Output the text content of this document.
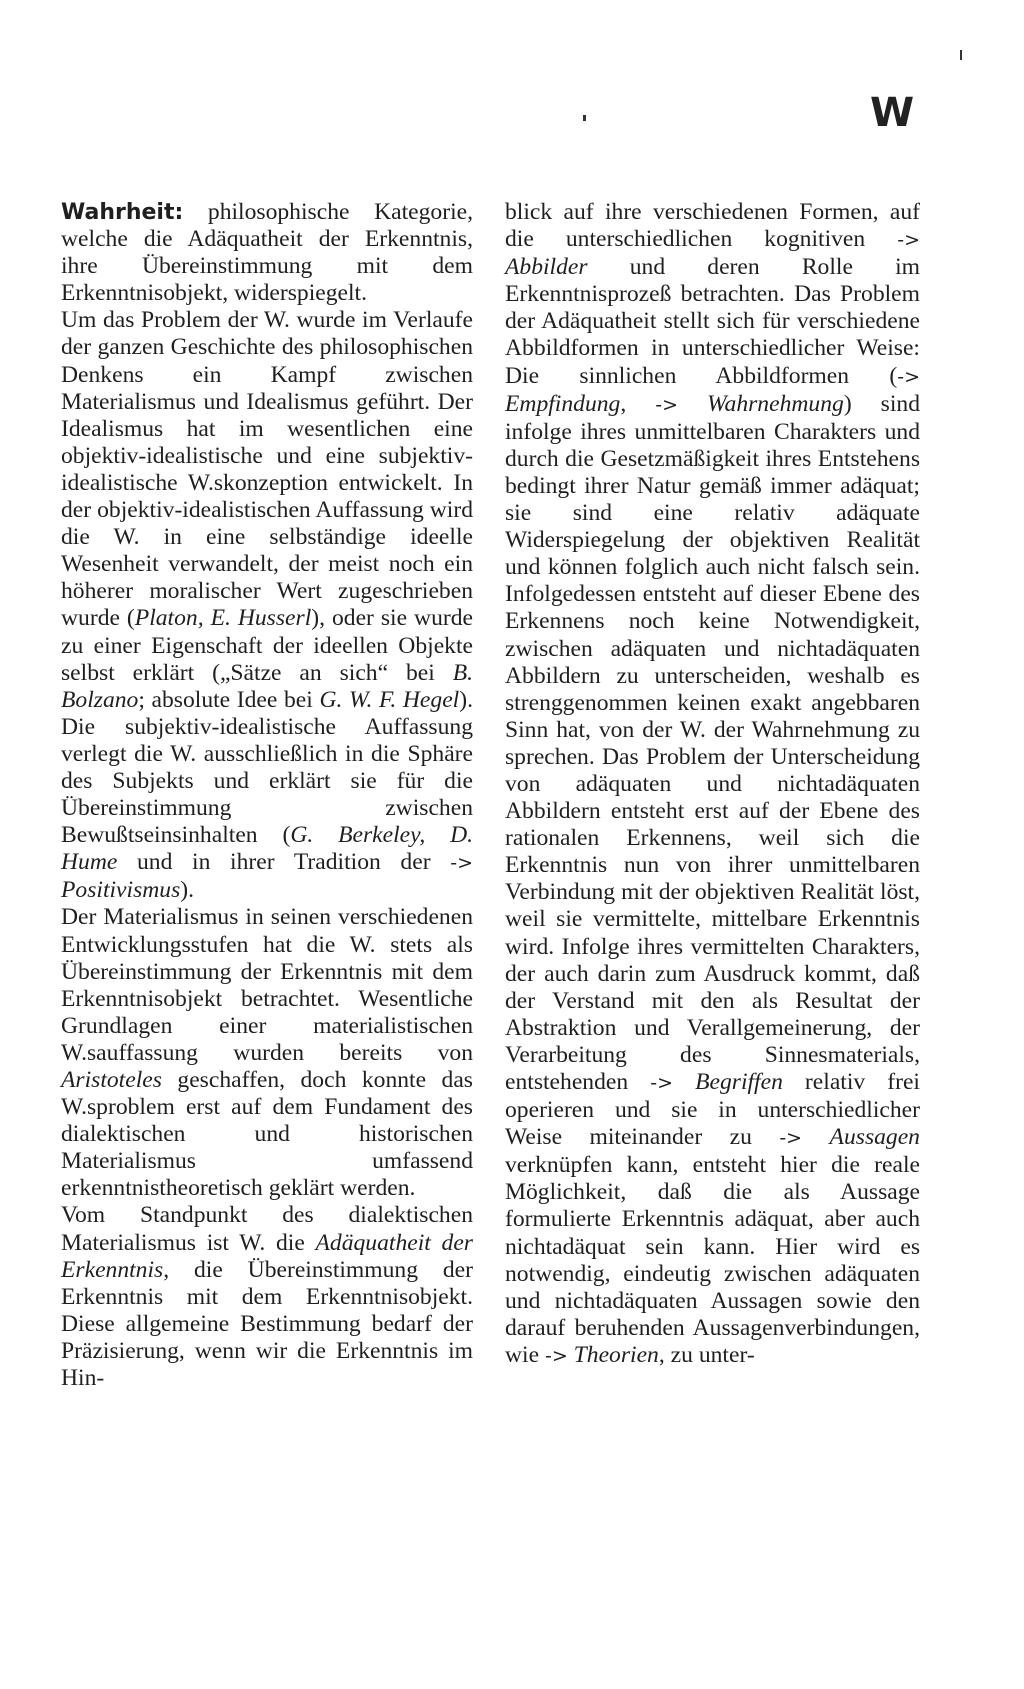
W

Wahrheit: philosophische Kategorie, welche die Adäquatheit der Erkenntnis, ihre Übereinstimmung mit dem Erkenntnisobjekt, widerspiegelt.

Um das Problem der W. wurde im Verlaufe der ganzen Geschichte des philosophischen Denkens ein Kampf zwischen Materialismus und Idealismus geführt. Der Idealismus hat im wesentlichen eine objektiv-idealistische und eine subjektiv-idealistische W.skonzeption entwickelt. In der objektiv-idealistischen Auffassung wird die W. in eine selbständige ideelle Wesenheit verwandelt, der meist noch ein höherer moralischer Wert zugeschrieben wurde (Platon, E. Husserl), oder sie wurde zu einer Eigenschaft der ideellen Objekte selbst erklärt („Sätze an sich“ bei B. Bolzano; absolute Idee bei G. W. F. Hegel). Die subjektiv-idealistische Auffassung verlegt die W. ausschließlich in die Sphäre des Subjekts und erklärt sie für die Übereinstimmung zwischen Bewußtseinsinhalten (G. Berkeley, D. Hume und in ihrer Tradition der -> Positivismus).

Der Materialismus in seinen verschiedenen Entwicklungsstufen hat die W. stets als Übereinstimmung der Erkenntnis mit dem Erkenntnisobjekt betrachtet. Wesentliche Grundlagen einer materialistischen W.sauffassung wurden bereits von Aristoteles geschaffen, doch konnte das W.sproblem erst auf dem Fundament des dialektischen und historischen Materialismus umfassend erkenntnistheoretisch geklärt werden.

Vom Standpunkt des dialektischen Materialismus ist W. die Adäquatheit der Erkenntnis, die Übereinstimmung der Erkenntnis mit dem Erkenntnisobjekt. Diese allgemeine Bestimmung bedarf der Präzisierung, wenn wir die Erkenntnis im Hin-

blick auf ihre verschiedenen Formen, auf die unterschiedlichen kognitiven -> Abbilder und deren Rolle im Erkenntnisprozeß betrachten. Das Problem der Adäquatheit stellt sich für verschiedene Abbildformen in unterschiedlicher Weise: Die sinnlichen Abbildformen (-> Empfindung, -> Wahrnehmung) sind infolge ihres unmittelbaren Charakters und durch die Gesetzmäßigkeit ihres Entstehens bedingt ihrer Natur gemäß immer adäquat; sie sind eine relativ adäquate Widerspiegelung der objektiven Realität und können folglich auch nicht falsch sein. Infolgedessen entsteht auf dieser Ebene des Erkennens noch keine Notwendigkeit, zwischen adäquaten und nichtadäquaten Abbildern zu unterscheiden, weshalb es strenggenommen keinen exakt angebbaren Sinn hat, von der W. der Wahrnehmung zu sprechen. Das Problem der Unterscheidung von adäquaten und nichtadäquaten Abbildern entsteht erst auf der Ebene des rationalen Erkennens, weil sich die Erkenntnis nun von ihrer unmittelbaren Verbindung mit der objektiven Realität löst, weil sie vermittelte, mittelbare Erkenntnis wird. Infolge ihres vermittelten Charakters, der auch darin zum Ausdruck kommt, daß der Verstand mit den als Resultat der Abstraktion und Verallgemeinerung, der Verarbeitung des Sinnesmaterials, entstehenden -> Begriffen relativ frei operieren und sie in unterschiedlicher Weise miteinander zu -> Aussagen verknüpfen kann, entsteht hier die reale Möglichkeit, daß die als Aussage formulierte Erkenntnis adäquat, aber auch nichtadäquat sein kann. Hier wird es notwendig, eindeutig zwischen adäquaten und nichtadäquaten Aussagen sowie den darauf beruhenden Aussagenverbindungen, wie -> Theorien, zu unter-
